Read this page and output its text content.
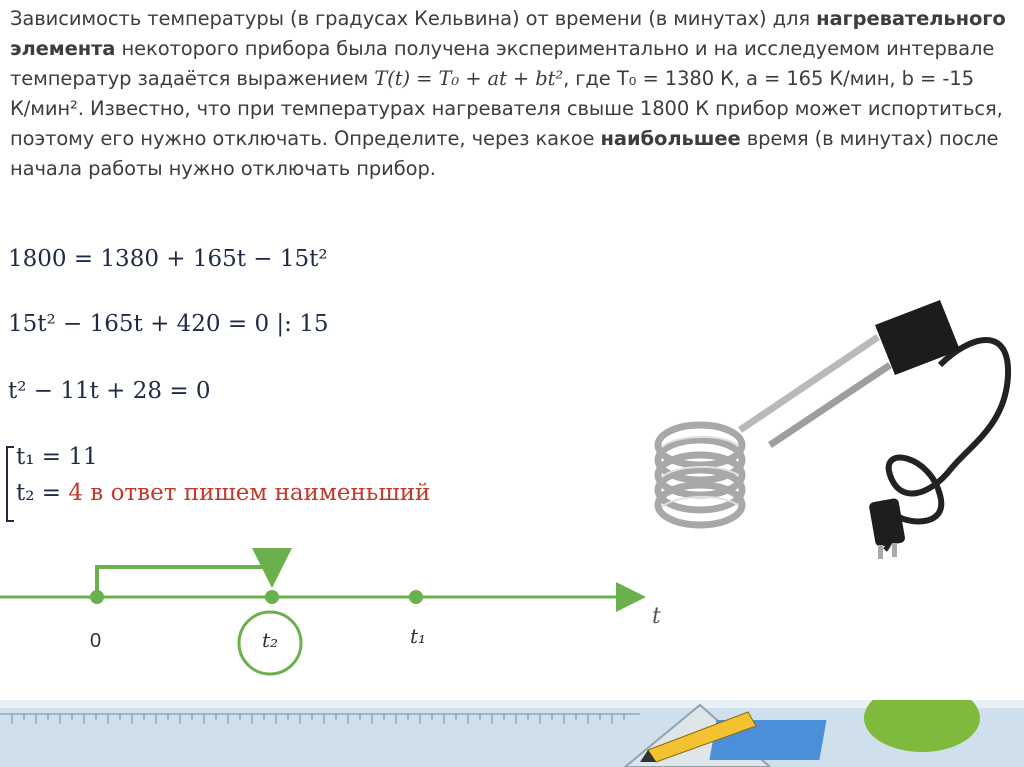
Зависимость температуры (в градусах Кельвина) от времени (в минутах) для нагревательного

элемента некоторого прибора была получена экспериментально и на исследуемом интервале

температур задаётся выражением T(t) = T₀ + at + bt², где T₀ = 1380 К, a = 165 К/мин, b = -15

К/мин². Известно, что при температурах нагревателя свыше 1800 К прибор может испортиться,

поэтому его нужно отключать. Определите, через какое наибольшее время (в минутах) после

начала работы нужно отключать прибор.

1800 = 1380 + 165t − 15t²
15t² − 165t + 420 = 0 |: 15
t² − 11t + 28 = 0
t₁ = 11
t₂ = 4 в ответ пишем наименьший
0	t₂	t₁
t
